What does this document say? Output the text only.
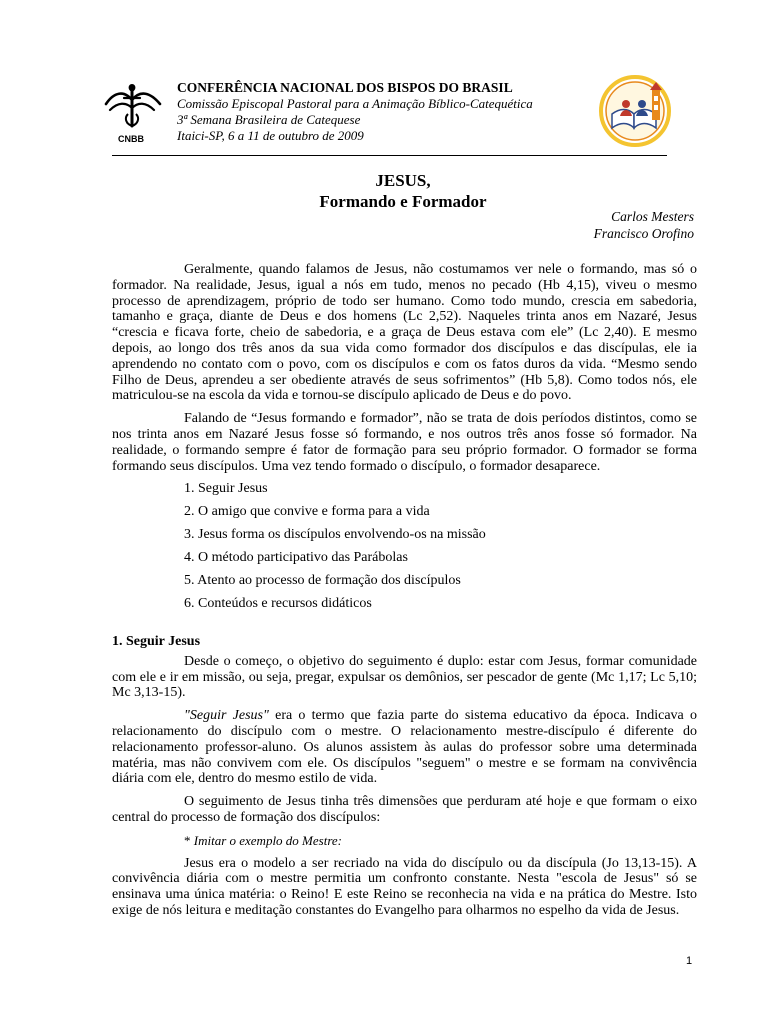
CNBB
CONFERÊNCIA NACIONAL DOS BISPOS DO BRASIL
Comissão Episcopal Pastoral para a Animação Bíblico-Catequética
3ª Semana Brasileira de Catequese
Itaici-SP, 6 a 11 de outubro de 2009
JESUS,
Formando e Formador
Carlos Mesters
Francisco Orofino

Geralmente, quando falamos de Jesus, não costumamos ver nele o formando, mas só o formador. Na realidade, Jesus, igual a nós em tudo, menos no pecado (Hb 4,15), viveu o mesmo processo de aprendizagem, próprio de todo ser humano. Como todo mundo, crescia em sabedoria, tamanho e graça, diante de Deus e dos homens (Lc 2,52). Naqueles trinta anos em Nazaré, Jesus “crescia e ficava forte, cheio de sabedoria, e a graça de Deus estava com ele” (Lc 2,40). E mesmo depois, ao longo dos três anos da sua vida como formador dos discípulos e das discípulas, ele ia aprendendo no contato com o povo, com os discípulos e com os fatos duros da vida. “Mesmo sendo Filho de Deus, aprendeu a ser obediente através de seus sofrimentos” (Hb 5,8). Como todos nós, ele matriculou-se na escola da vida e tornou-se discípulo aplicado de Deus e do povo.

Falando de “Jesus formando e formador”, não se trata de dois períodos distintos, como se nos trinta anos em Nazaré Jesus fosse só formando, e nos outros três anos fosse só formador. Na realidade, o formando sempre é fator de formação para seu próprio formador. O formador se forma formando seus discípulos. Uma vez tendo formado o discípulo, o formador desaparece.

1. Seguir Jesus
2. O amigo que convive e forma para a vida
3. Jesus forma os discípulos envolvendo-os na missão
4. O método participativo das Parábolas
5. Atento ao processo de formação dos discípulos
6. Conteúdos e recursos didáticos
1. Seguir Jesus

Desde o começo, o objetivo do seguimento é duplo: estar com Jesus, formar comunidade com ele e ir em missão, ou seja, pregar, expulsar os demônios, ser pescador de gente (Mc 1,17; Lc 5,10; Mc 3,13-15).

"Seguir Jesus" era o termo que fazia parte do sistema educativo da época. Indicava o relacionamento do discípulo com o mestre. O relacionamento mestre-discípulo é diferente do relacionamento professor-aluno. Os alunos assistem às aulas do professor sobre uma determinada matéria, mas não convivem com ele. Os discípulos "seguem" o mestre e se formam na convivência diária com ele, dentro do mesmo estilo de vida.

O seguimento de Jesus tinha três dimensões que perduram até hoje e que formam o eixo central do processo de formação dos discípulos:

* Imitar o exemplo do Mestre:

Jesus era o modelo a ser recriado na vida do discípulo ou da discípula (Jo 13,13-15). A convivência diária com o mestre permitia um confronto constante. Nesta "escola de Jesus" só se ensinava uma única matéria: o Reino! E este Reino se reconhecia na vida e na prática do Mestre. Isto exige de nós leitura e meditação constantes do Evangelho para olharmos no espelho da vida de Jesus.

1
